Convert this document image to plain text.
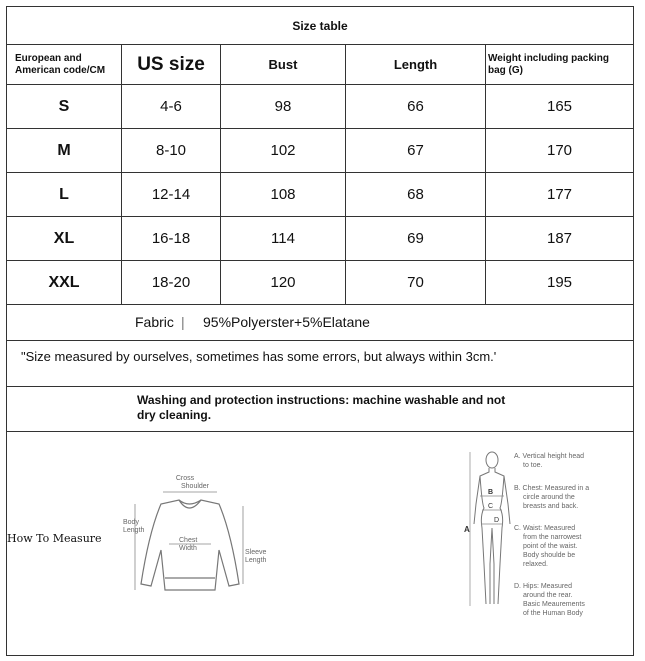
Size table
European and
American code/CM	US size	Bust	Length	Weight including packing
bag (G)
S	4-6	98	66	165
M	8-10	102	67	170
L	12-14	108	68	177
XL	16-18	114	69	187
XXL	18-20	120	70	195
Fabric | 95%Polyerster+5%Elatane
"Size measured by ourselves, sometimes has some errors, but always within 3cm.'
Washing and protection instructions: machine washable and not
dry cleaning.
How To Measure
Cross Shoulder
Body Length
Chest Width
Sleeve Length
A
B
C
D
A. Vertical height head to toe.
B. Chest: Measured in a circle around the breasts and back.
C. Waist: Measured from the narrowest point of the waist. Body shoulde be relaxed.
D. Hips: Measured around the rear. Basic Meaurements of the Human Body
